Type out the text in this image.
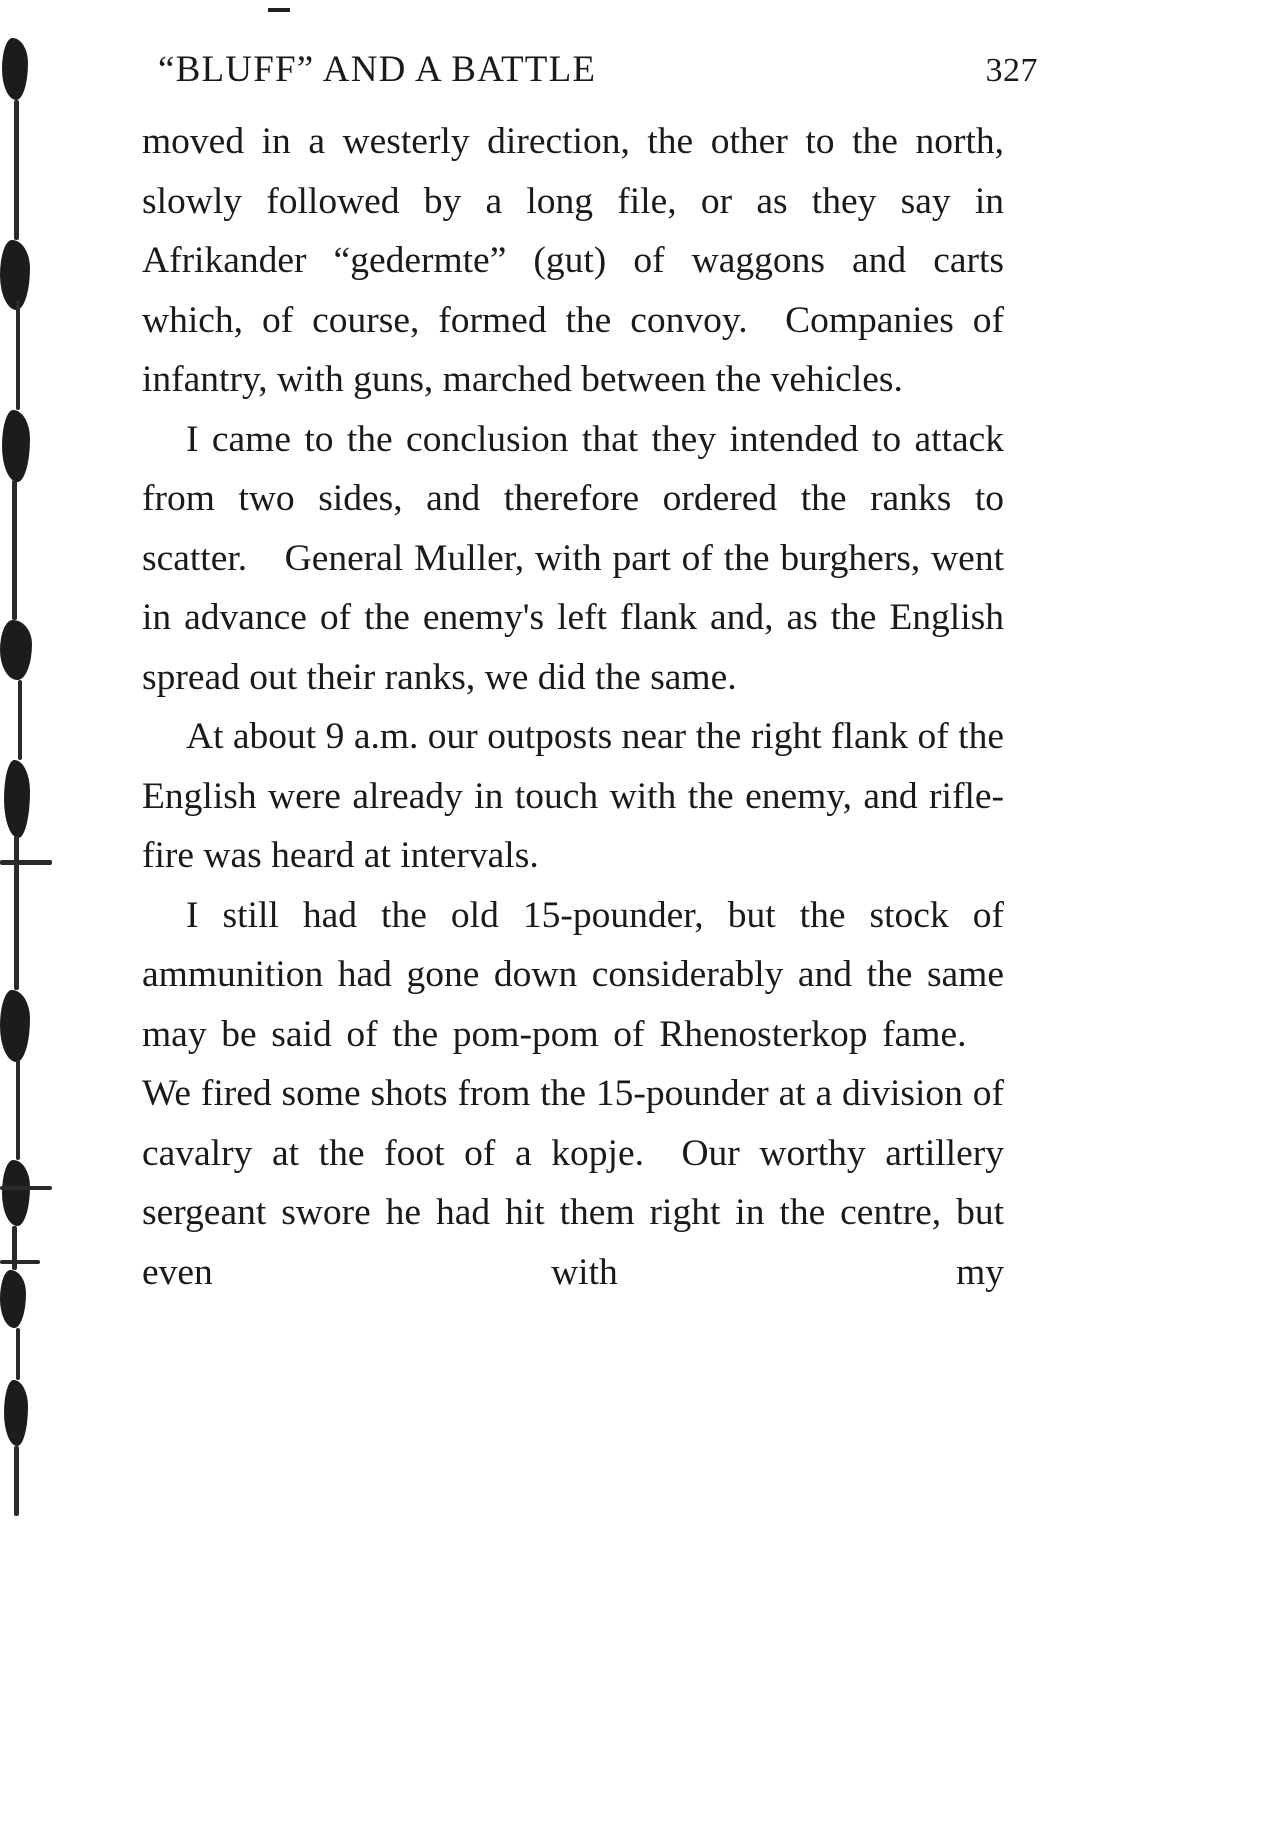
“BLUFF” AND A BATTLE	327

moved in a westerly direction, the other to the north, slowly followed by a long file, or as they say in Afrikander “gedermte” (gut) of waggons and carts which, of course, formed the convoy. Companies of infantry, with guns, marched between the vehicles.

I came to the conclusion that they intended to attack from two sides, and therefore ordered the ranks to scatter. General Muller, with part of the burghers, went in advance of the enemy's left flank and, as the English spread out their ranks, we did the same.

At about 9 a.m. our outposts near the right flank of the English were already in touch with the enemy, and rifle-fire was heard at intervals.

I still had the old 15-pounder, but the stock of ammunition had gone down considerably and the same may be said of the pom-pom of Rhenosterkop fame. We fired some shots from the 15-pounder at a division of cavalry at the foot of a kopje. Our worthy artillery sergeant swore he had hit them right in the centre, but even with my
